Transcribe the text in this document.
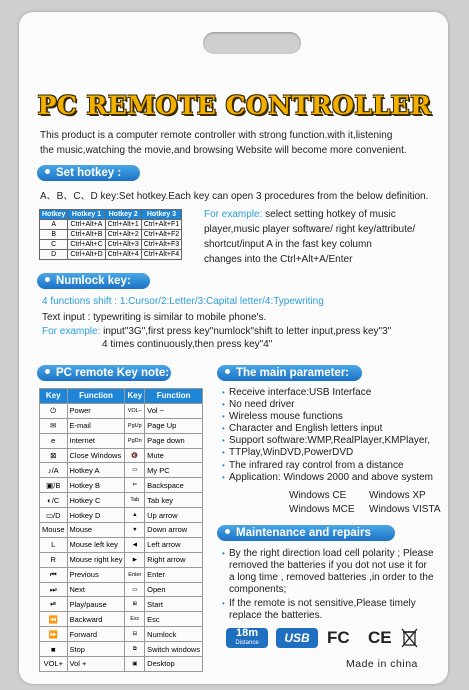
PC REMOTE CONTROLLER
This product is a computer remote controller with strong function.with it,listening
the music,watching the movie,and browsing Website will become more convenient.
Set hotkey :
A、B、C、D key:Set hotkey.Each key can open 3 procedures from the below definition.
Hotkey	Hotkey 1	Hotkey 2	Hotkey 3
A	Ctrl+Alt+A	Ctrl+Alt+1	Ctrl+Alt+F1
B	Ctrl+Alt+B	Ctrl+Alt+2	Ctrl+Alt+F2
C	Ctrl+Alt+C	Ctrl+Alt+3	Ctrl+Alt+F3
D	Ctrl+Alt+D	Ctrl+Alt+4	Ctrl+Alt+F4
For example: select setting hotkey of music
player,music player software/ right key/attribute/
shortcut/input A in the fast key column
changes into the Ctrl+Alt+A/Enter
Numlock key:
4 functions shift : 1:Cursor/2:Letter/3:Capital letter/4:Typewriting
Text input : typewriting is similar to mobile phone's.
For example: input"3G",first press key"numlock"shift to letter input,press key"3"
4 times continuously,then press key"4"
PC remote Key note:
Key	Function	Key	Function
⏻	Power	VOL−	Vol −
✉	E-mail	PgUp	Page Up
e	Internet	PgDn	Page down
⊠	Close Windows	🔇	Mute
♪/A	Hotkey A	▭	My PC
▣/B	Hotkey B	⇐	Backspace
◐/C	Hotkey C	Tab	Tab key
▭/D	Hotkey D	▲	Up arrow
Mouse	Mouse	▼	Down arrow
L	Mouse left key	◀	Left arrow
R	Mouse right key	▶	Right arrow
⏮	Previous	Enter	Enter
⏭	Next	▭	Open
⏯	Play/pause	⊞	Start
⏪	Backward	Esc	Esc
⏩	Forward	⊟	Numlock
■	Stop	⧉	Switch windows
VOL+	Vol +	▣	Desktop
The main parameter:
• Receive interface:USB Interface
• No need driver
• Wireless mouse functions
• Character and English letters input
• Support software:WMP,RealPlayer,KMPlayer,
• TTPlay,WinDVD,PowerDVD
• The infrared ray control from a distance
• Application: Windows 2000 and above system
Windows CE Windows XP
Windows MCE Windows VISTA
Maintenance and repairs
• By the right direction load cell polarity ; Please
removed the batteries if you dot not use it for
a long time , removed batteries ,in order to the
components;
• If the remote is not sensitive,Please timely
replace the batteries.
18m
Distance	USB	FC CE
Made in china
